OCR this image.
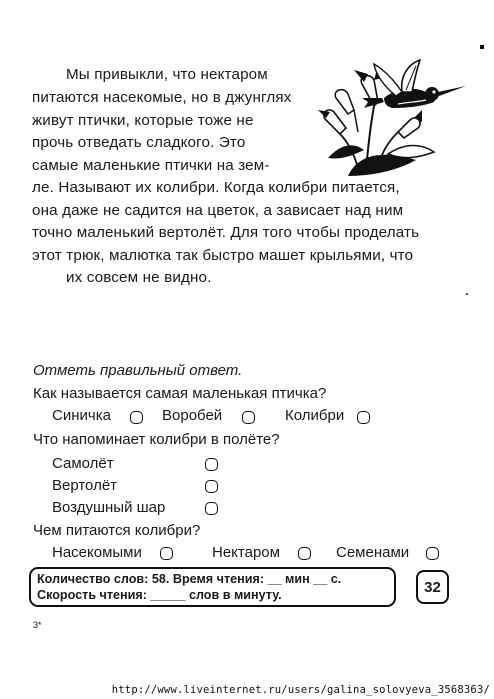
Мы привыкли, что нектаром
питаются насекомые, но в джунглях
живут птички, которые тоже не
прочь отведать сладкого. Это
самые маленькие птички на зем-
ле. Называют их колибри. Когда колибри питается,
она даже не садится на цветок, а зависает над ним
точно маленький вертолёт. Для того чтобы проделать
этот трюк, малютка так быстро машет крыльями, что
их совсем не видно.
Отметь правильный ответ.
Как называется самая маленькая птичка?
Синичка	Воробей	Колибри
Что напоминает колибри в полёте?
Самолёт
Вертолёт
Воздушный шар
Чем питаются колибри?
Насекомыми	Нектаром	Семенами
Количество слов: 58. Время чтения: __ мин __ с.
Скорость чтения: _____ слов в минуту.	32
3*
http://www.liveinternet.ru/users/galina_solovyeva_3568363/
